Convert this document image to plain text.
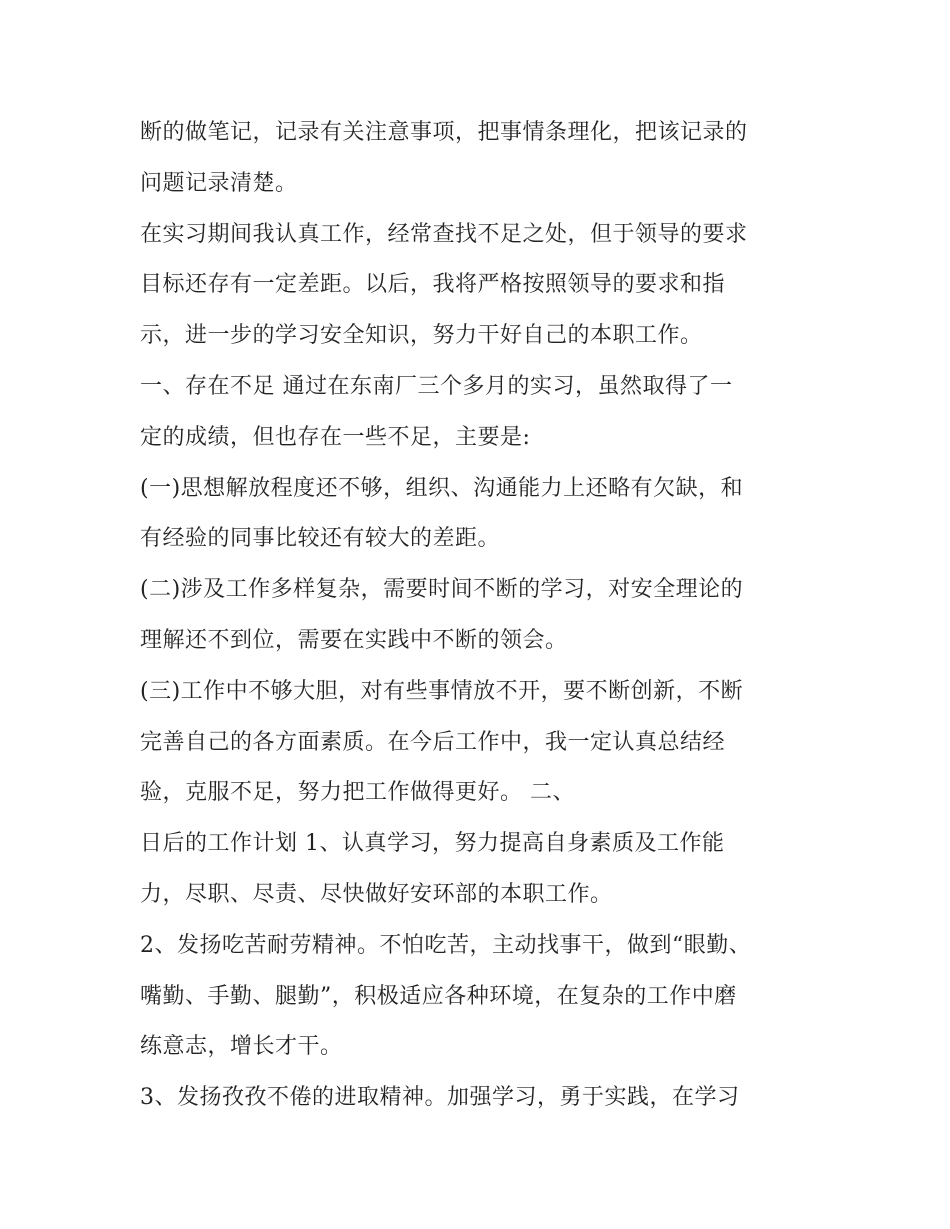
断的做笔记，记录有关注意事项，把事情条理化，把该记录的
问题记录清楚。
在实习期间我认真工作，经常查找不足之处，但于领导的要求
目标还存有一定差距。以后，我将严格按照领导的要求和指
示，进一步的学习安全知识，努力干好自己的本职工作。
一、存在不足 通过在东南厂三个多月的实习，虽然取得了一
定的成绩，但也存在一些不足，主要是:
(一)思想解放程度还不够，组织、沟通能力上还略有欠缺，和
有经验的同事比较还有较大的差距。
(二)涉及工作多样复杂，需要时间不断的学习，对安全理论的
理解还不到位，需要在实践中不断的领会。
(三)工作中不够大胆，对有些事情放不开，要不断创新，不断
完善自己的各方面素质。在今后工作中，我一定认真总结经
验，克服不足，努力把工作做得更好。 二、
日后的工作计划 1、认真学习，努力提高自身素质及工作能
力，尽职、尽责、尽快做好安环部的本职工作。
2、发扬吃苦耐劳精神。不怕吃苦，主动找事干，做到“眼勤、
嘴勤、手勤、腿勤”，积极适应各种环境，在复杂的工作中磨
练意志，增长才干。
3、发扬孜孜不倦的进取精神。加强学习，勇于实践，在学习
